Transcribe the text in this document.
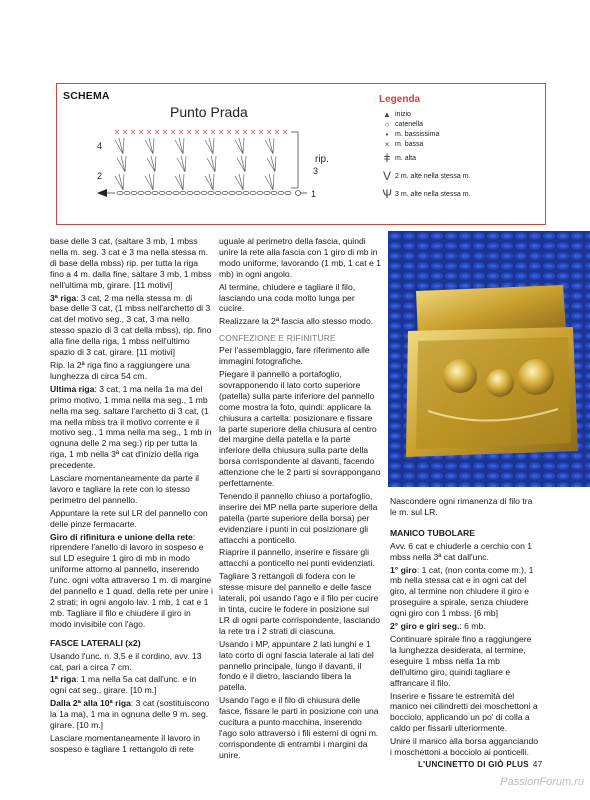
SCHEMA
Punto Prada
4
3
2
1
rip.
Legenda
▲ inizio
○ catenella
• m. bassissima
× m. bassa
ǂ m. alta
V 2 m. alte nella stessa m.
Ѱ 3 m. alte nella stessa m.

base delle 3 cat, (saltare 3 mb, 1 mbss nella m. seg. 3 cat e 3 ma nella stessa m. di base della mbss) rip. per tutta la riga fino a 4 m. dalla fine, saltare 3 mb, 1 mbss nell'ultima mb, girare. [11 motivi]

3ª riga: 3 cat, 2 ma nella stessa m. di base delle 3 cat, (1 mbss nell'archetto di 3 cat del motivo seg., 3 cat, 3 ma nello stesso spazio di 3 cat della mbss), rip. fino alla fine della riga, 1 mbss nell'ultimo spazio di 3 cat, girare. [11 motivi]

Rip. la 2ª riga fino a raggiungere una lunghezza di circa 54 cm.

Ultima riga: 3 cat, 1 ma nella 1a ma del primo motivo, 1 mma nella ma seg., 1 mb nella ma seg. saltare l'archetto di 3 cat, (1 ma nella mbss tra il motivo corrente e il motivo seg., 1 mma nella ma seg., 1 mb in ognuna delle 2 ma seg.) rip per tutta la riga, 1 mb nella 3ª cat d'inizio della riga precedente.

Lasciare momentaneamente da parte il lavoro e tagliare la rete con lo stesso perimetro del pannello.

Appuntare la rete sul LR del pannello con delle pinze fermacarte.

Giro di rifinitura e unione della rete: riprendere l'anello di lavoro in sospeso e sul LD eseguire 1 giro di mb in modo uniforme attorno al pannello, inserendo l'unc. ogni volta attraverso 1 m. di margine del pannello e 1 quad. della rete per unire i 2 strati; in ogni angolo lav. 1 mb, 1 cat e 1 mb. Tagliare il filo e chiudere il giro in modo invisibile con l'ago.

FASCE LATERALI (x2)

Usando l'unc. n. 3,5 e il cordino, avv. 13 cat, pari a circa 7 cm.

1ª riga: 1 ma nella 5a cat dall'unc. e in ogni cat seg., girare. [10 m.]

Dalla 2ª alla 10ª riga: 3 cat (sostituiscono la 1a ma), 1 ma in ognuna delle 9 m. seg. girare. [10 m.]

Lasciare momentaneamente il lavoro in sospeso e tagliare 1 rettangolo di rete

uguale al perimetro della fascia, quindi unire la rete alla fascia con 1 giro di mb in modo uniforme, lavorando (1 mb, 1 cat e 1 mb) in ogni angolo.

Al termine, chiudere e tagliare il filo, lasciando una coda molto lunga per cucire.

Realizzare la 2ª fascia allo stesso modo.

CONFEZIONE E RIFINITURE

Per l'assemblaggio, fare riferimento alle immagini fotografiche.

Piegare il pannello a portafoglio, sovrapponendo il lato corto superiore (patella) sulla parte inferiore del pannello come mostra la foto, quindi: applicare la chiusura a cartella: posizionare e fissare la parte superiore della chiusura al centro del margine della patella e la parte inferiore della chiusura sulla parte della borsa corrispondente al davanti, facendo attenzione che le 2 parti si sovrappongano perfettamente.

Tenendo il pannello chiuso a portafoglio, inserire dei MP nella parte superiore della patella (parte superiore della borsa) per evidenziare i punti in cui posizionare gli attacchi a ponticello.

Riaprire il pannello, inserire e fissare gli attacchi a ponticello nei punti evidenziati.

Tagliare 3 rettangoli di fodera con le stesse misure del pannello e delle fasce laterali, poi usando l'ago e il filo per cucire in tinta, cucire le fodere in posizione sul LR di ogni parte corrispondente, lasciando la rete tra i 2 strati di ciascuna.

Usando i MP, appuntare 2 lati lunghi e 1 lato corto di ogni fascia laterale ai lati del pannello principale, lungo il davanti, il fondo e il dietro, lasciando libera la patella.

Usando l'ago e il filo di chiusura delle fasce, fissare le parti in posizione con una cucitura a punto macchina, inserendo l'ago solo attraverso i fili esterni di ogni m. corrispondente di entrambi i margini da unire.

Nascondere ogni rimanenza di filo tra le m. sul LR.

MANICO TUBOLARE

Avv. 6 cat e chiuderle a cerchio con 1 mbss nella 3ª cat dall'unc.

1° giro: 1 cat, (non conta come m.), 1 mb nella stessa cat e in ogni cat del giro, al termine non chiudere il giro e proseguire a spirale, senza chiudere ogni giro con 1 mbss. [6 mb]

2° giro e giri seg.: 6 mb.

Continuare spirale fino a raggiungere la lunghezza desiderata, al termine, eseguire 1 mbss nella 1a mb dell'ultimo giro, quindi tagliare e affrancare il filo.

Inserire e fissare le estremità del manico nei cilindretti dei moschettoni a bocciolo, applicando un po' di colla a caldo per fissarli ulteriormente.

Unire il manico alla borsa agganciando i moschettoni a bocciolo ai ponticelli.

L'UNCINETTO DI GIÒ PLUS 47
PassionForum.ru
